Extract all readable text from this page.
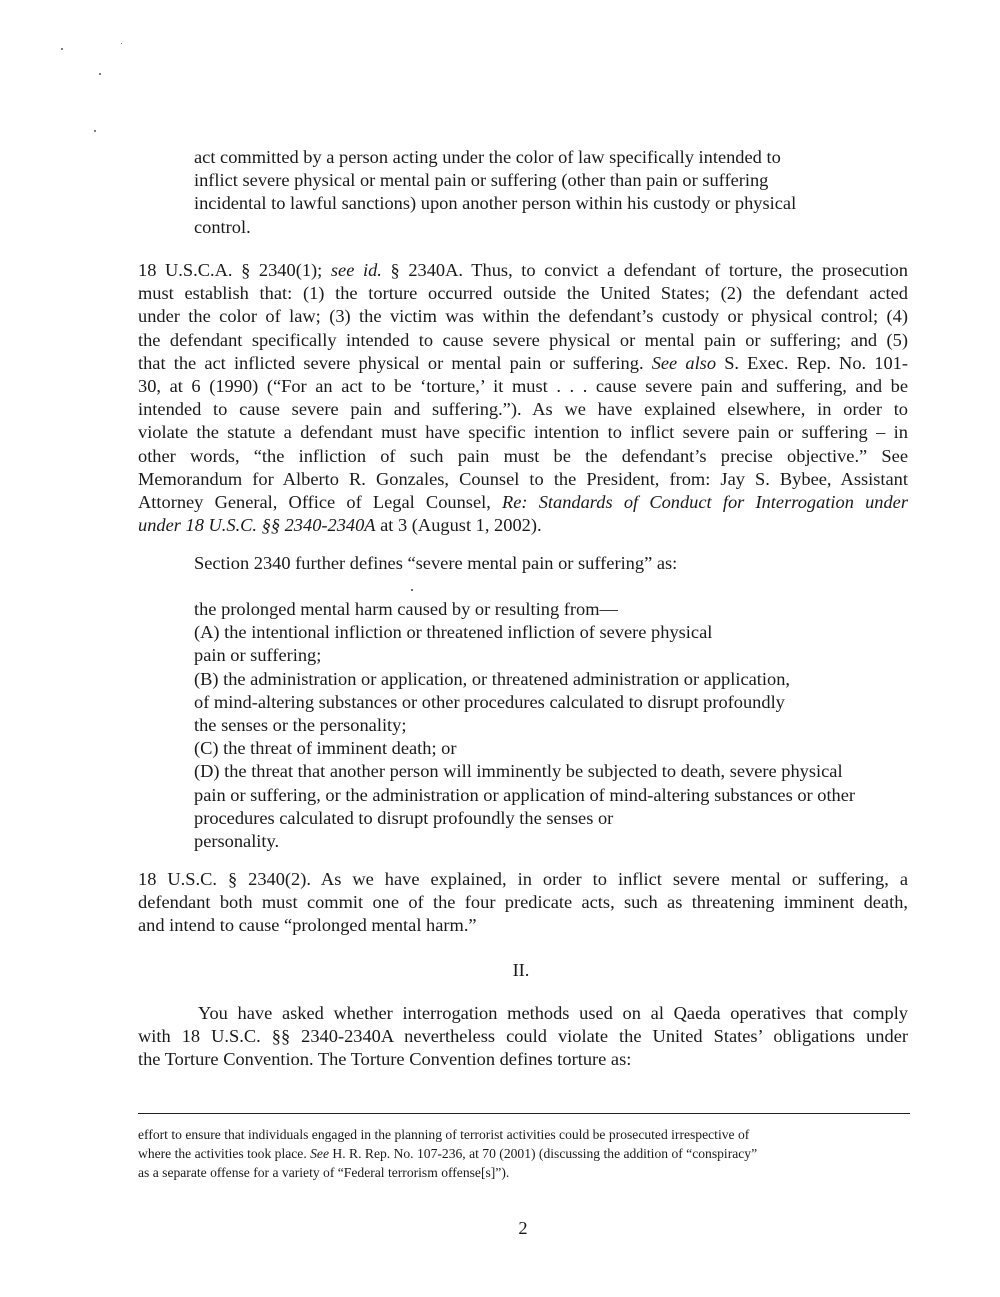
act committed by a person acting under the color of law specifically intended to
inflict severe physical or mental pain or suffering (other than pain or suffering
incidental to lawful sanctions) upon another person within his custody or physical
control.
18 U.S.C.A. § 2340(1); see id. § 2340A. Thus, to convict a defendant of torture, the prosecution
must establish that: (1) the torture occurred outside the United States; (2) the defendant acted
under the color of law; (3) the victim was within the defendant’s custody or physical control; (4)
the defendant specifically intended to cause severe physical or mental pain or suffering; and (5)
that the act inflicted severe physical or mental pain or suffering. See also S. Exec. Rep. No. 101-
30, at 6 (1990) (“For an act to be ‘torture,’ it must . . . cause severe pain and suffering, and be
intended to cause severe pain and suffering.”). As we have explained elsewhere, in order to
violate the statute a defendant must have specific intention to inflict severe pain or suffering – in
other words, “the infliction of such pain must be the defendant’s precise objective.” See
Memorandum for Alberto R. Gonzales, Counsel to the President, from: Jay S. Bybee, Assistant
Attorney General, Office of Legal Counsel, Re: Standards of Conduct for Interrogation under
under 18 U.S.C. §§ 2340-2340A at 3 (August 1, 2002).

Section 2340 further defines “severe mental pain or suffering” as:

the prolonged mental harm caused by or resulting from—
(A) the intentional infliction or threatened infliction of severe physical
pain or suffering;
(B) the administration or application, or threatened administration or application,
of mind-altering substances or other procedures calculated to disrupt profoundly
the senses or the personality;
(C) the threat of imminent death; or
(D) the threat that another person will imminently be subjected to death, severe physical
pain or suffering, or the administration or application of mind-altering substances or other
procedures calculated to disrupt profoundly the senses or
personality.
18 U.S.C. § 2340(2). As we have explained, in order to inflict severe mental or suffering, a
defendant both must commit one of the four predicate acts, such as threatening imminent death,
and intend to cause “prolonged mental harm.”

II.

You have asked whether interrogation methods used on al Qaeda operatives that comply
with 18 U.S.C. §§ 2340-2340A nevertheless could violate the United States’ obligations under
the Torture Convention. The Torture Convention defines torture as:
effort to ensure that individuals engaged in the planning of terrorist activities could be prosecuted irrespective of
where the activities took place. See H. R. Rep. No. 107-236, at 70 (2001) (discussing the addition of “conspiracy”
as a separate offense for a variety of “Federal terrorism offense[s]”).

2
